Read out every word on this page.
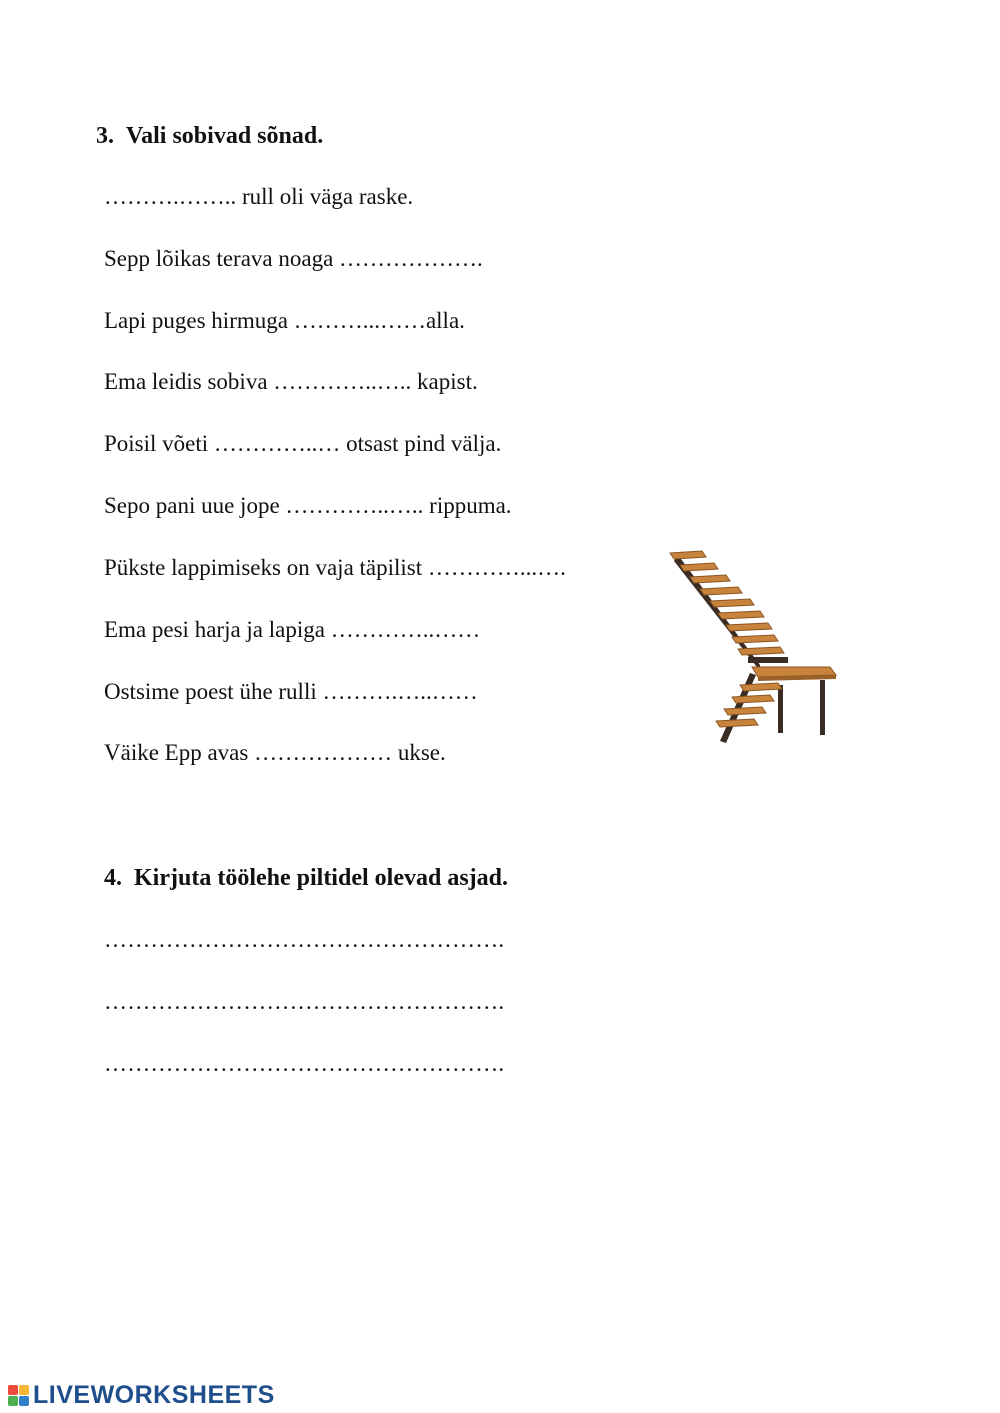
3. Vali sobivad sõnad.

……….…….. rull oli väga raske.

Sepp lõikas terava noaga ……………….

Lapi puges hirmuga ………...……alla.

Ema leidis sobiva …………..….. kapist.

Poisil võeti …………..… otsast pind välja.

Sepo pani uue jope …………..….. rippuma.

Pükste lappimiseks on vaja täpilist …………...….

Ema pesi harja ja lapiga …………..……

Ostsime poest ühe rulli ……….…..……

Väike Epp avas ……………… ukse.

4. Kirjuta töölehe piltidel olevad asjad.

…………………………………………….

…………………………………………….

…………………………………………….

LIVEWORKSHEETS
